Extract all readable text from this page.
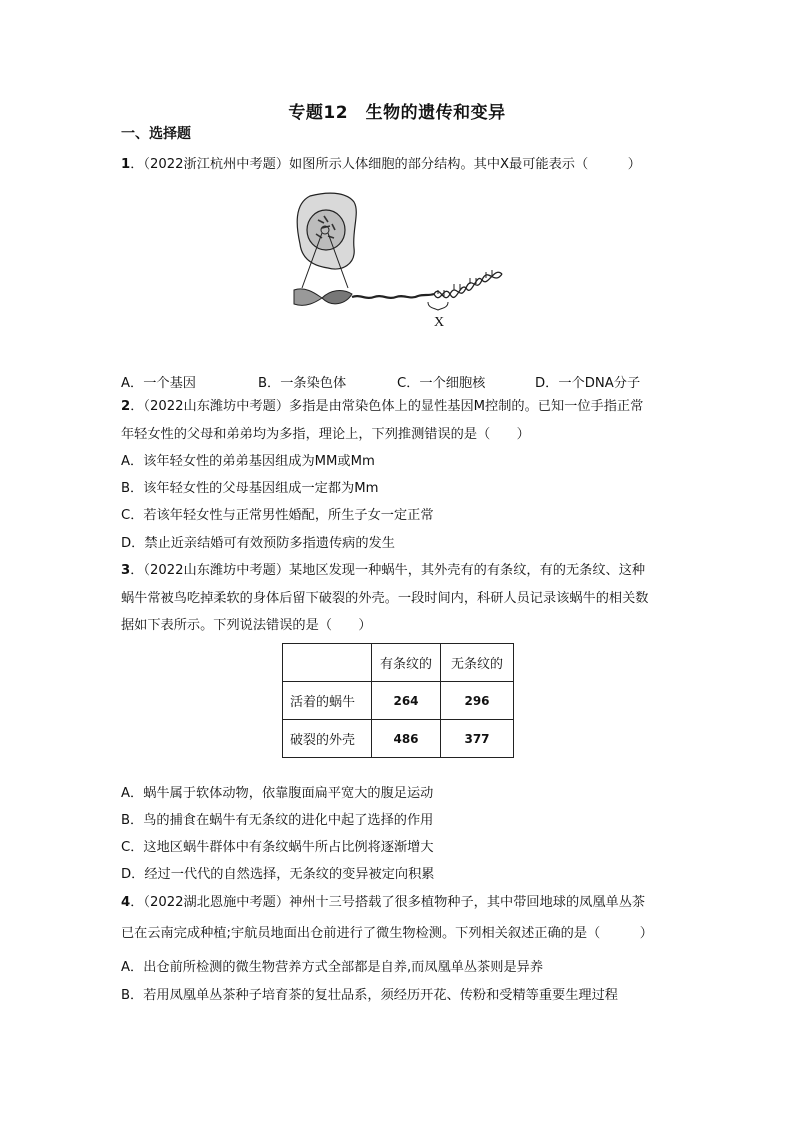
专题12　生物的遗传和变异
一、选择题
1．（2022浙江杭州中考题）如图所示人体细胞的部分结构。其中X最可能表示（　　　）
X
A．一个基因	B．一条染色体	C．一个细胞核	D．一个DNA分子
2．（2022山东潍坊中考题）多指是由常染色体上的显性基因M控制的。已知一位手指正常
年轻女性的父母和弟弟均为多指，理论上，下列推测错误的是（　　）
A．该年轻女性的弟弟基因组成为MM或Mm
B．该年轻女性的父母基因组成一定都为Mm
C．若该年轻女性与正常男性婚配，所生子女一定正常
D．禁止近亲结婚可有效预防多指遗传病的发生
3．（2022山东潍坊中考题）某地区发现一种蜗牛，其外壳有的有条纹，有的无条纹、这种
蜗牛常被鸟吃掉柔软的身体后留下破裂的外壳。一段时间内，科研人员记录该蜗牛的相关数
据如下表所示。下列说法错误的是（　　）
	有条纹的	无条纹的
活着的蜗牛	264	296
破裂的外壳	486	377
A．蜗牛属于软体动物，依靠腹面扁平宽大的腹足运动
B．鸟的捕食在蜗牛有无条纹的进化中起了选择的作用
C．这地区蜗牛群体中有条纹蜗牛所占比例将逐渐增大
D．经过一代代的自然选择，无条纹的变异被定向积累
4．（2022湖北恩施中考题）神州十三号搭载了很多植物种子，其中带回地球的凤凰单丛茶
已在云南完成种植;宇航员地面出仓前进行了微生物检测。下列相关叙述正确的是（　　　）
A．出仓前所检测的微生物营养方式全部都是自养,而凤凰单丛茶则是异养
B．若用凤凰单丛茶种子培育茶的复壮品系，须经历开花、传粉和受精等重要生理过程
